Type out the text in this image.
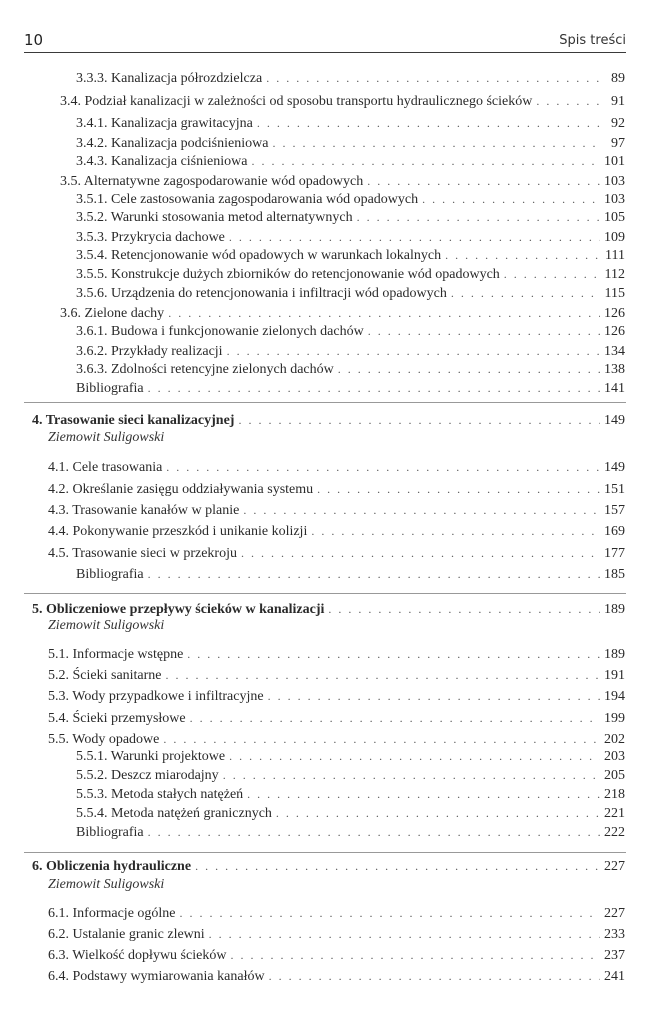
10	Spis treści
3.3.3. Kanalizacja półrozdzielcza . . .	89
3.4. Podział kanalizacji w zależności od sposobu transportu hydraulicznego ścieków . . .	91
3.4.1. Kanalizacja grawitacyjna . . .	92
3.4.2. Kanalizacja podciśnieniowa . . .	97
3.4.3. Kanalizacja ciśnieniowa . . .	101
3.5. Alternatywne zagospodarowanie wód opadowych . . .	103
3.5.1. Cele zastosowania zagospodarowania wód opadowych . . .	103
3.5.2. Warunki stosowania metod alternatywnych . . .	105
3.5.3. Przykrycia dachowe . . .	109
3.5.4. Retencjonowanie wód opadowych w warunkach lokalnych . . .	111
3.5.5. Konstrukcje dużych zbiorników do retencjonowanie wód opadowych . . .	112
3.5.6. Urządzenia do retencjonowania i infiltracji wód opadowych . . .	115
3.6. Zielone dachy . . .	126
3.6.1. Budowa i funkcjonowanie zielonych dachów . . .	126
3.6.2. Przykłady realizacji . . .	134
3.6.3. Zdolności retencyjne zielonych dachów . . .	138
Bibliografia . . .	141
4. Trasowanie sieci kanalizacyjnej . . .	149
Ziemowit Suligowski
4.1. Cele trasowania . . .	149
4.2. Określanie zasięgu oddziaływania systemu . . .	151
4.3. Trasowanie kanałów w planie . . .	157
4.4. Pokonywanie przeszkód i unikanie kolizji . . .	169
4.5. Trasowanie sieci w przekroju . . .	177
Bibliografia . . .	185
5. Obliczeniowe przepływy ścieków w kanalizacji . . .	189
Ziemowit Suligowski
5.1. Informacje wstępne . . .	189
5.2. Ścieki sanitarne . . .	191
5.3. Wody przypadkowe i infiltracyjne . . .	194
5.4. Ścieki przemysłowe . . .	199
5.5. Wody opadowe . . .	202
5.5.1. Warunki projektowe . . .	203
5.5.2. Deszcz miarodajny . . .	205
5.5.3. Metoda stałych natężeń . . .	218
5.5.4. Metoda natężeń granicznych . . .	221
Bibliografia . . .	222
6. Obliczenia hydrauliczne . . .	227
Ziemowit Suligowski
6.1. Informacje ogólne . . .	227
6.2. Ustalanie granic zlewni . . .	233
6.3. Wielkość dopływu ścieków . . .	237
6.4. Podstawy wymiarowania kanałów . . .	241
